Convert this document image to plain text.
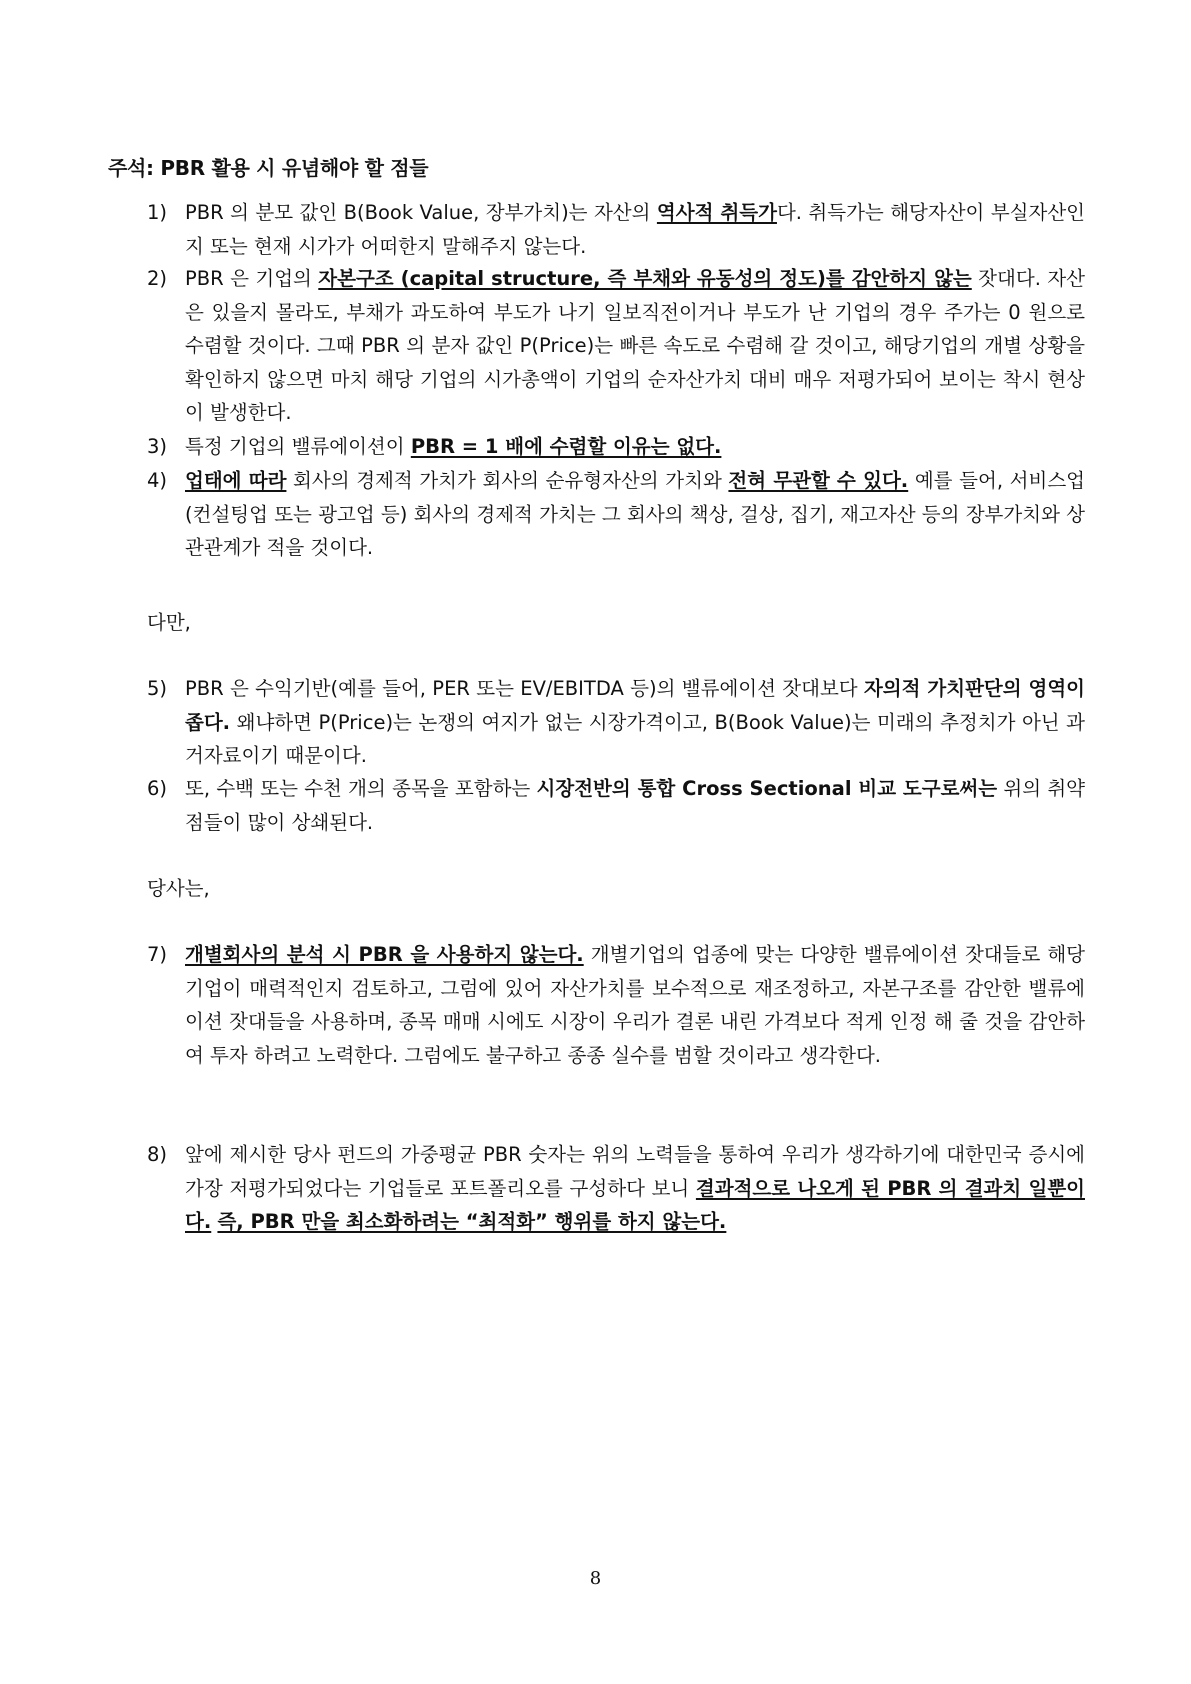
주석: PBR 활용 시 유념해야 할 점들
1) PBR 의 분모 값인 B(Book Value, 장부가치)는 자산의 역사적 취득가다. 취득가는 해당자산이 부실자산인지 또는 현재 시가가 어떠한지 말해주지 않는다.
2) PBR 은 기업의 자본구조 (capital structure, 즉 부채와 유동성의 정도)를 감안하지 않는 잣대다. 자산은 있을지 몰라도, 부채가 과도하여 부도가 나기 일보직전이거나 부도가 난 기업의 경우 주가는 0 원으로 수렴할 것이다. 그때 PBR 의 분자 값인 P(Price)는 빠른 속도로 수렴해 갈 것이고, 해당기업의 개별 상황을 확인하지 않으면 마치 해당 기업의 시가총액이 기업의 순자산가치 대비 매우 저평가되어 보이는 착시 현상이 발생한다.
3) 특정 기업의 밸류에이션이 PBR = 1 배에 수렴할 이유는 없다.
4) 업태에 따라 회사의 경제적 가치가 회사의 순유형자산의 가치와 전혀 무관할 수 있다. 예를 들어, 서비스업(컨설팅업 또는 광고업 등) 회사의 경제적 가치는 그 회사의 책상, 걸상, 집기, 재고자산 등의 장부가치와 상관관계가 적을 것이다.
다만,
5) PBR 은 수익기반(예를 들어, PER 또는 EV/EBITDA 등)의 밸류에이션 잣대보다 자의적 가치판단의 영역이 좁다. 왜냐하면 P(Price)는 논쟁의 여지가 없는 시장가격이고, B(Book Value)는 미래의 추정치가 아닌 과거자료이기 때문이다.
6) 또, 수백 또는 수천 개의 종목을 포함하는 시장전반의 통합 Cross Sectional 비교 도구로써는 위의 취약점들이 많이 상쇄된다.
당사는,
7) 개별회사의 분석 시 PBR 을 사용하지 않는다. 개별기업의 업종에 맞는 다양한 밸류에이션 잣대들로 해당기업이 매력적인지 검토하고, 그럼에 있어 자산가치를 보수적으로 재조정하고, 자본구조를 감안한 밸류에이션 잣대들을 사용하며, 종목 매매 시에도 시장이 우리가 결론 내린 가격보다 적게 인정 해 줄 것을 감안하여 투자 하려고 노력한다. 그럼에도 불구하고 종종 실수를 범할 것이라고 생각한다.
8) 앞에 제시한 당사 펀드의 가중평균 PBR 숫자는 위의 노력들을 통하여 우리가 생각하기에 대한민국 증시에 가장 저평가되었다는 기업들로 포트폴리오를 구성하다 보니 결과적으로 나오게 된 PBR 의 결과치 일뿐이다. 즉, PBR 만을 최소화하려는 “최적화” 행위를 하지 않는다.
8
